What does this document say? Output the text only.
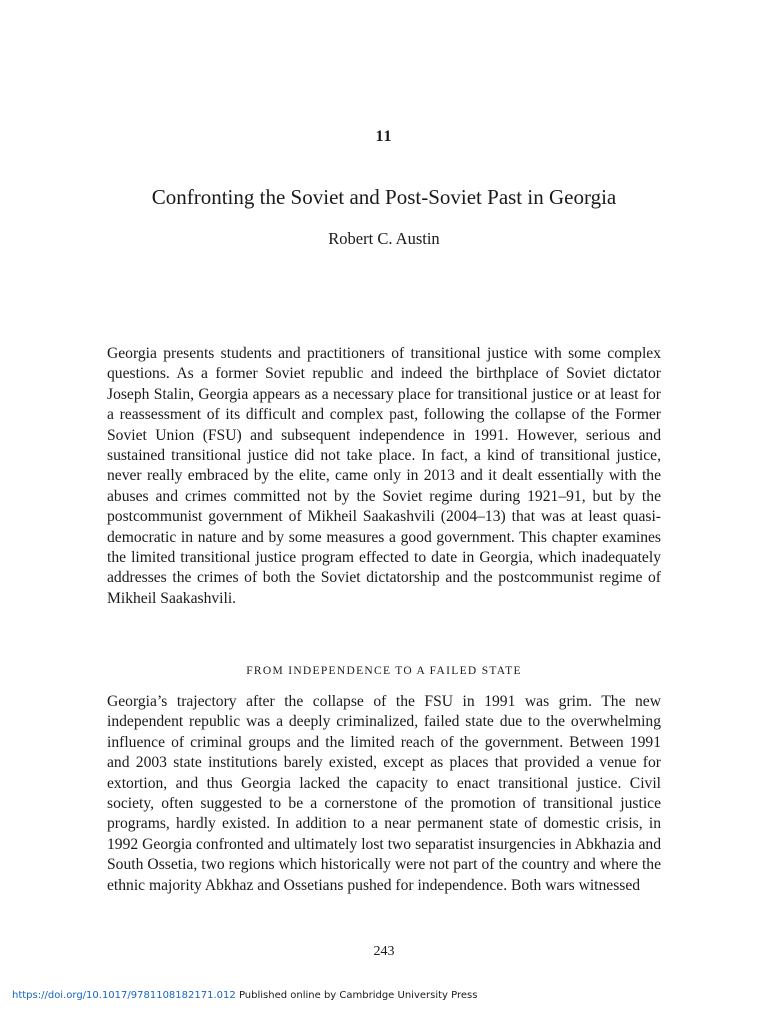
11
Confronting the Soviet and Post-Soviet Past in Georgia
Robert C. Austin

Georgia presents students and practitioners of transitional justice with some complex questions. As a former Soviet republic and indeed the birthplace of Soviet dictator Joseph Stalin, Georgia appears as a necessary place for transitional justice or at least for a reassessment of its difficult and complex past, following the collapse of the Former Soviet Union (FSU) and subsequent independence in 1991. However, serious and sustained transitional justice did not take place. In fact, a kind of transitional justice, never really embraced by the elite, came only in 2013 and it dealt essentially with the abuses and crimes committed not by the Soviet regime during 1921–91, but by the postcommunist government of Mikheil Saakashvili (2004–13) that was at least quasi-democratic in nature and by some measures a good government. This chapter examines the limited transitional justice program effected to date in Georgia, which inadequately addresses the crimes of both the Soviet dictatorship and the postcommunist regime of Mikheil Saakashvili.

FROM INDEPENDENCE TO A FAILED STATE

Georgia’s trajectory after the collapse of the FSU in 1991 was grim. The new independent republic was a deeply criminalized, failed state due to the overwhelming influence of criminal groups and the limited reach of the government. Between 1991 and 2003 state institutions barely existed, except as places that provided a venue for extortion, and thus Georgia lacked the capacity to enact transitional justice. Civil society, often suggested to be a cornerstone of the promotion of transitional justice programs, hardly existed. In addition to a near permanent state of domestic crisis, in 1992 Georgia confronted and ultimately lost two separatist insurgencies in Abkhazia and South Ossetia, two regions which historically were not part of the country and where the ethnic majority Abkhaz and Ossetians pushed for independence. Both wars witnessed

243
https://doi.org/10.1017/9781108182171.012 Published online by Cambridge University Press
